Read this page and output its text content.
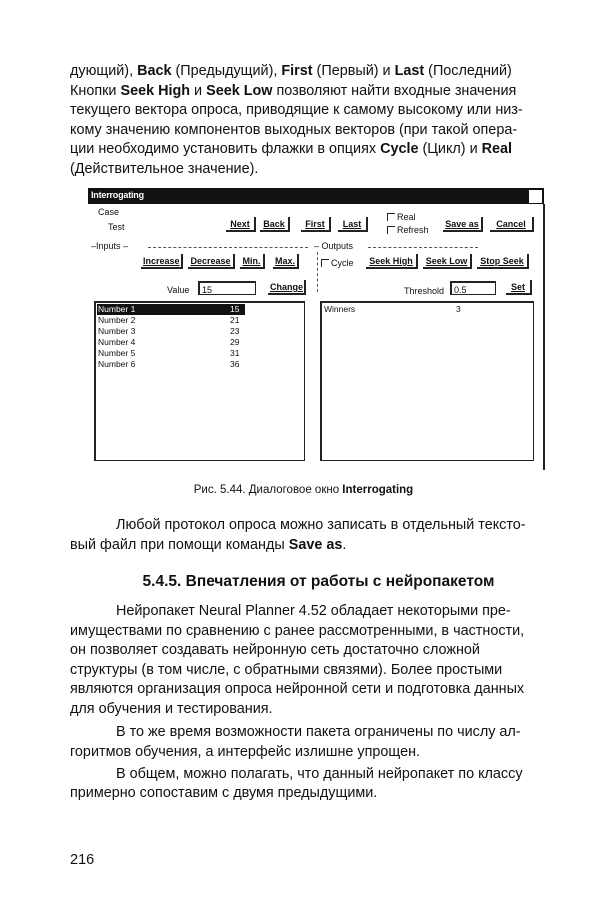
дующий), Back (Предыдущий), First (Первый) и Last (Последний)
Кнопки Seek High и Seek Low позволяют найти входные значения
текущего вектора опроса, приводящие к самому высокому или низ-
кому значению компонентов выходных векторов (при такой опера-
ции необходимо установить флажки в опциях Cycle (Цикл) и Real
(Действительное значение).
Interrogating
Case
Test	Next	Back	First	Last
Real
Refresh
Save as	Cancel
–Inputs –	– Outputs
Increase	Decrease	Min.	Max.	Cycle	Seek High	Seek Low	Stop Seek
Value	15	Change	Threshold	0.5	Set
Number 1	15
Number 2	21
Number 3	23
Number 4	29
Number 5	31
Number 6	36
Winners	3
Рис. 5.44. Диалоговое окно Interrogating
Любой протокол опроса можно записать в отдельный тексто-
вый файл при помощи команды Save as.
5.4.5. Впечатления от работы с нейропакетом
Нейропакет Neural Planner 4.52 обладает некоторыми пре-
имуществами по сравнению с ранее рассмотренными, в частности,
он позволяет создавать нейронную сеть достаточно сложной
структуры (в том числе, с обратными связями). Более простыми
являются организация опроса нейронной сети и подготовка данных
для обучения и тестирования.
В то же время возможности пакета ограничены по числу ал-
горитмов обучения, а интерфейс излишне упрощен.
В общем, можно полагать, что данный нейропакет по классу
примерно сопоставим с двумя предыдущими.
216
